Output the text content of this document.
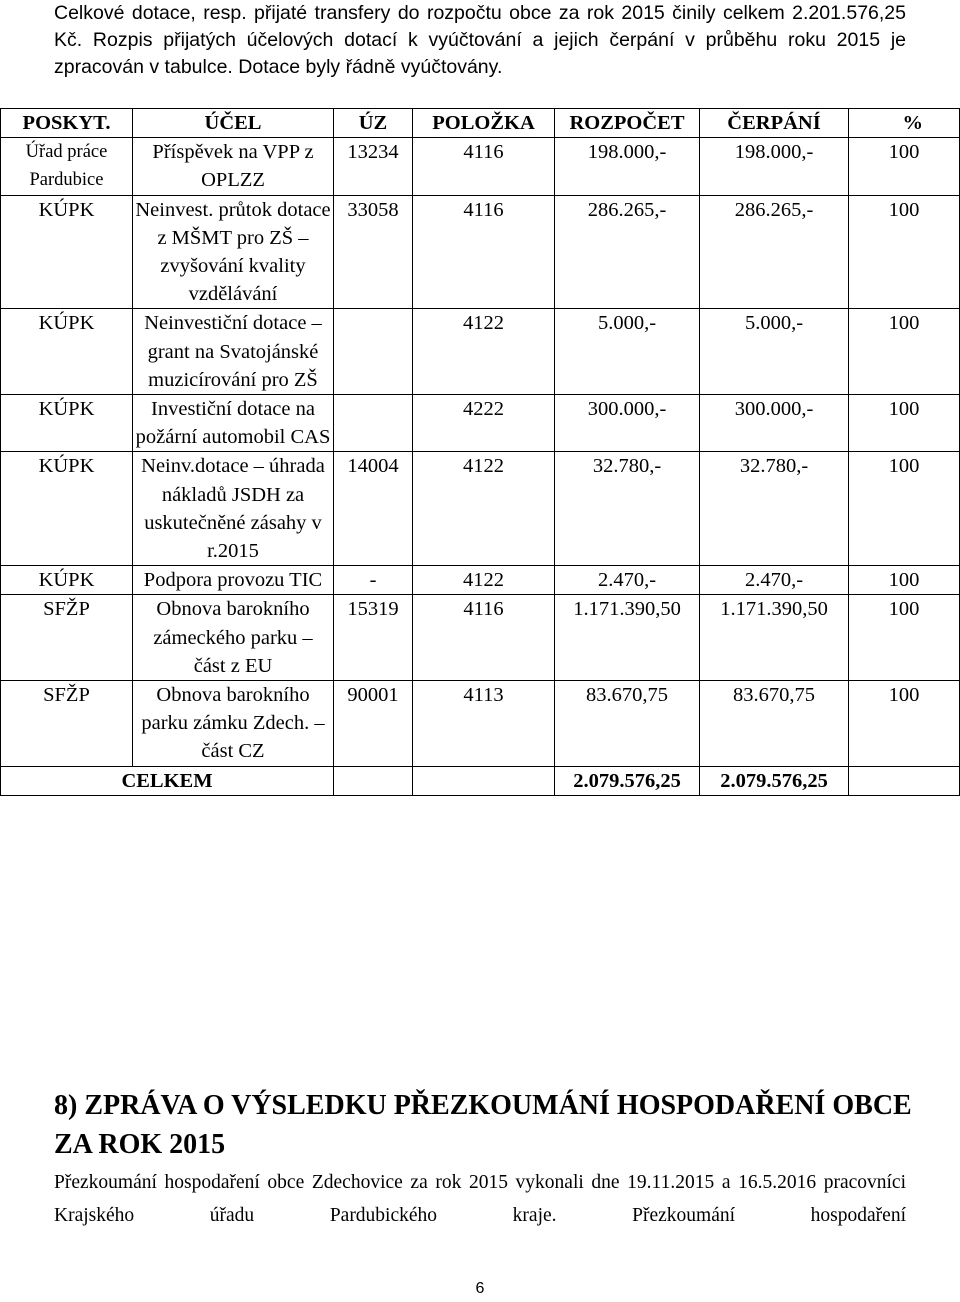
Celkové dotace, resp. přijaté transfery do rozpočtu obce za rok 2015 činily celkem 2.201.576,25 Kč. Rozpis přijatých účelových dotací k vyúčtování a jejich čerpání v průběhu roku 2015 je zpracován v tabulce. Dotace byly řádně vyúčtovány.

POSKYT.	ÚČEL	ÚZ	POLOŽKA	ROZPOČET	ČERPÁNÍ	%
Úřad práce Pardubice	Příspěvek na VPP z OPLZZ	13234	4116	198.000,-	198.000,-	100
KÚPK	Neinvest. průtok dotace z MŠMT pro ZŠ – zvyšování kvality vzdělávání	33058	4116	286.265,-	286.265,-	100
KÚPK	Neinvestiční dotace – grant na Svatojánské muzicírování pro ZŠ		4122	5.000,-	5.000,-	100
KÚPK	Investiční dotace na požární automobil CAS		4222	300.000,-	300.000,-	100
KÚPK	Neinv.dotace – úhrada nákladů JSDH za uskutečněné zásahy v r.2015	14004	4122	32.780,-	32.780,-	100
KÚPK	Podpora provozu TIC	-	4122	2.470,-	2.470,-	100
SFŽP	Obnova barokního zámeckého parku – část z EU	15319	4116	1.171.390,50	1.171.390,50	100
SFŽP	Obnova barokního parku zámku Zdech. – část CZ	90001	4113	83.670,75	83.670,75	100
CELKEM				2.079.576,25	2.079.576,25	
8) ZPRÁVA O VÝSLEDKU PŘEZKOUMÁNÍ HOSPODAŘENÍ OBCE ZA ROK 2015

Přezkoumání hospodaření obce Zdechovice za rok 2015 vykonali dne 19.11.2015 a 16.5.2016 pracovníci Krajského úřadu Pardubického kraje. Přezkoumání hospodaření

6
